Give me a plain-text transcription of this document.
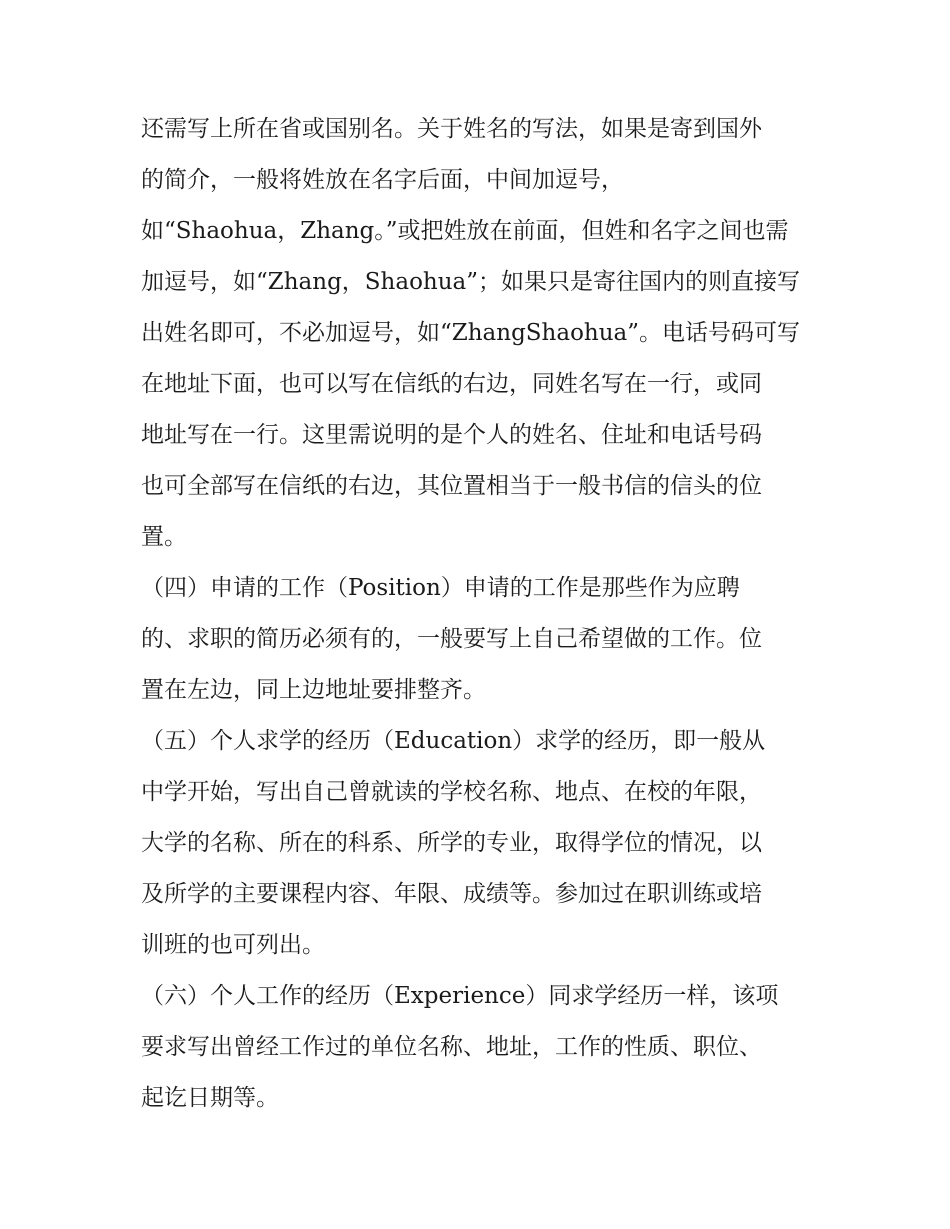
还需写上所在省或国别名。关于姓名的写法，如果是寄到国外
的简介，一般将姓放在名字后面，中间加逗号，
如“Shaohua，Zhang。”或把姓放在前面，但姓和名字之间也需
加逗号，如“Zhang，Shaohua”；如果只是寄往国内的则直接写
出姓名即可，不必加逗号，如“ZhangShaohua”。电话号码可写
在地址下面，也可以写在信纸的右边，同姓名写在一行，或同
地址写在一行。这里需说明的是个人的姓名、住址和电话号码
也可全部写在信纸的右边，其位置相当于一般书信的信头的位
置。
（四）申请的工作（Position）申请的工作是那些作为应聘
的、求职的简历必须有的，一般要写上自己希望做的工作。位
置在左边，同上边地址要排整齐。
（五）个人求学的经历（Education）求学的经历，即一般从
中学开始，写出自己曾就读的学校名称、地点、在校的年限，
大学的名称、所在的科系、所学的专业，取得学位的情况，以
及所学的主要课程内容、年限、成绩等。参加过在职训练或培
训班的也可列出。
（六）个人工作的经历（Experience）同求学经历一样，该项
要求写出曾经工作过的单位名称、地址，工作的性质、职位、
起讫日期等。
